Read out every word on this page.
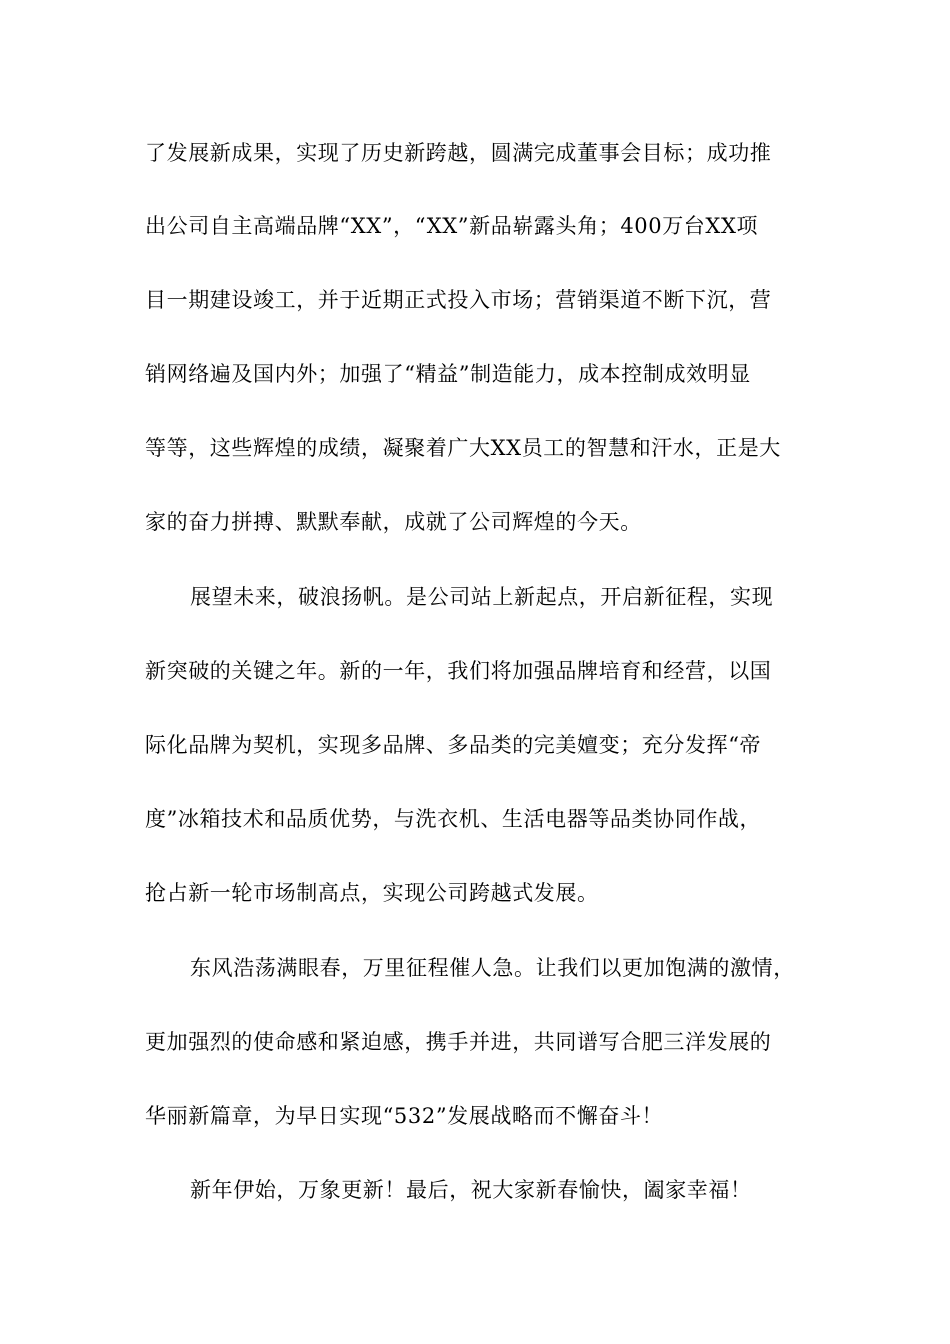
了发展新成果，实现了历史新跨越，圆满完成董事会目标；成功推
出公司自主高端品牌“XX”，“XX”新品崭露头角；400万台XX项
目一期建设竣工，并于近期正式投入市场；营销渠道不断下沉，营
销网络遍及国内外；加强了“精益”制造能力，成本控制成效明显
等等，这些辉煌的成绩，凝聚着广大XX员工的智慧和汗水，正是大
家的奋力拼搏、默默奉献，成就了公司辉煌的今天。
展望未来，破浪扬帆。是公司站上新起点，开启新征程，实现
新突破的关键之年。新的一年，我们将加强品牌培育和经营，以国
际化品牌为契机，实现多品牌、多品类的完美嬗变；充分发挥“帝
度”冰箱技术和品质优势，与洗衣机、生活电器等品类协同作战，
抢占新一轮市场制高点，实现公司跨越式发展。
东风浩荡满眼春，万里征程催人急。让我们以更加饱满的激情，
更加强烈的使命感和紧迫感，携手并进，共同谱写合肥三洋发展的
华丽新篇章，为早日实现“532”发展战略而不懈奋斗！
新年伊始，万象更新！最后，祝大家新春愉快，阖家幸福！
